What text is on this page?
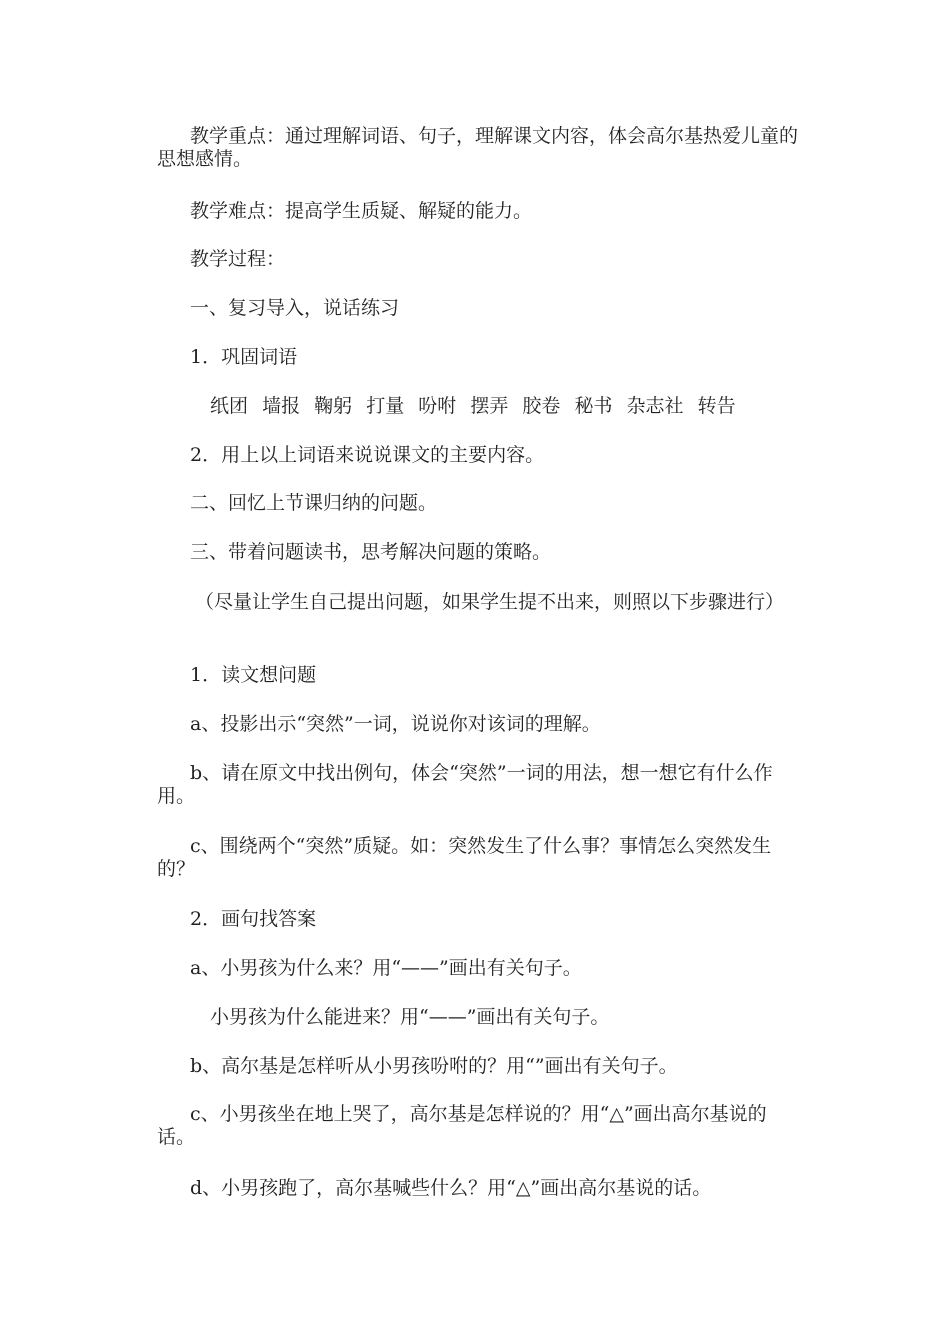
教学重点：通过理解词语、句子，理解课文内容，体会高尔基热爱儿童的思想感情。

教学难点：提高学生质疑、解疑的能力。

教学过程：

一、复习导入，说话练习

1．巩固词语

纸团 墙报 鞠躬 打量 吩咐 摆弄 胶卷 秘书 杂志社 转告

2．用上以上词语来说说课文的主要内容。

二、回忆上节课归纳的问题。

三、带着问题读书，思考解决问题的策略。

（尽量让学生自己提出问题，如果学生提不出来，则照以下步骤进行）

1．读文想问题

a、投影出示“突然”一词，说说你对该词的理解。

b、请在原文中找出例句，体会“突然”一词的用法，想一想它有什么作用。

c、围绕两个“突然”质疑。如：突然发生了什么事？事情怎么突然发生的？

2．画句找答案

a、小男孩为什么来？用“——”画出有关句子。

小男孩为什么能进来？用“——”画出有关句子。

b、高尔基是怎样听从小男孩吩咐的？用“”画出有关句子。

c、小男孩坐在地上哭了，高尔基是怎样说的？用“△”画出高尔基说的话。

d、小男孩跑了，高尔基喊些什么？用“△”画出高尔基说的话。
